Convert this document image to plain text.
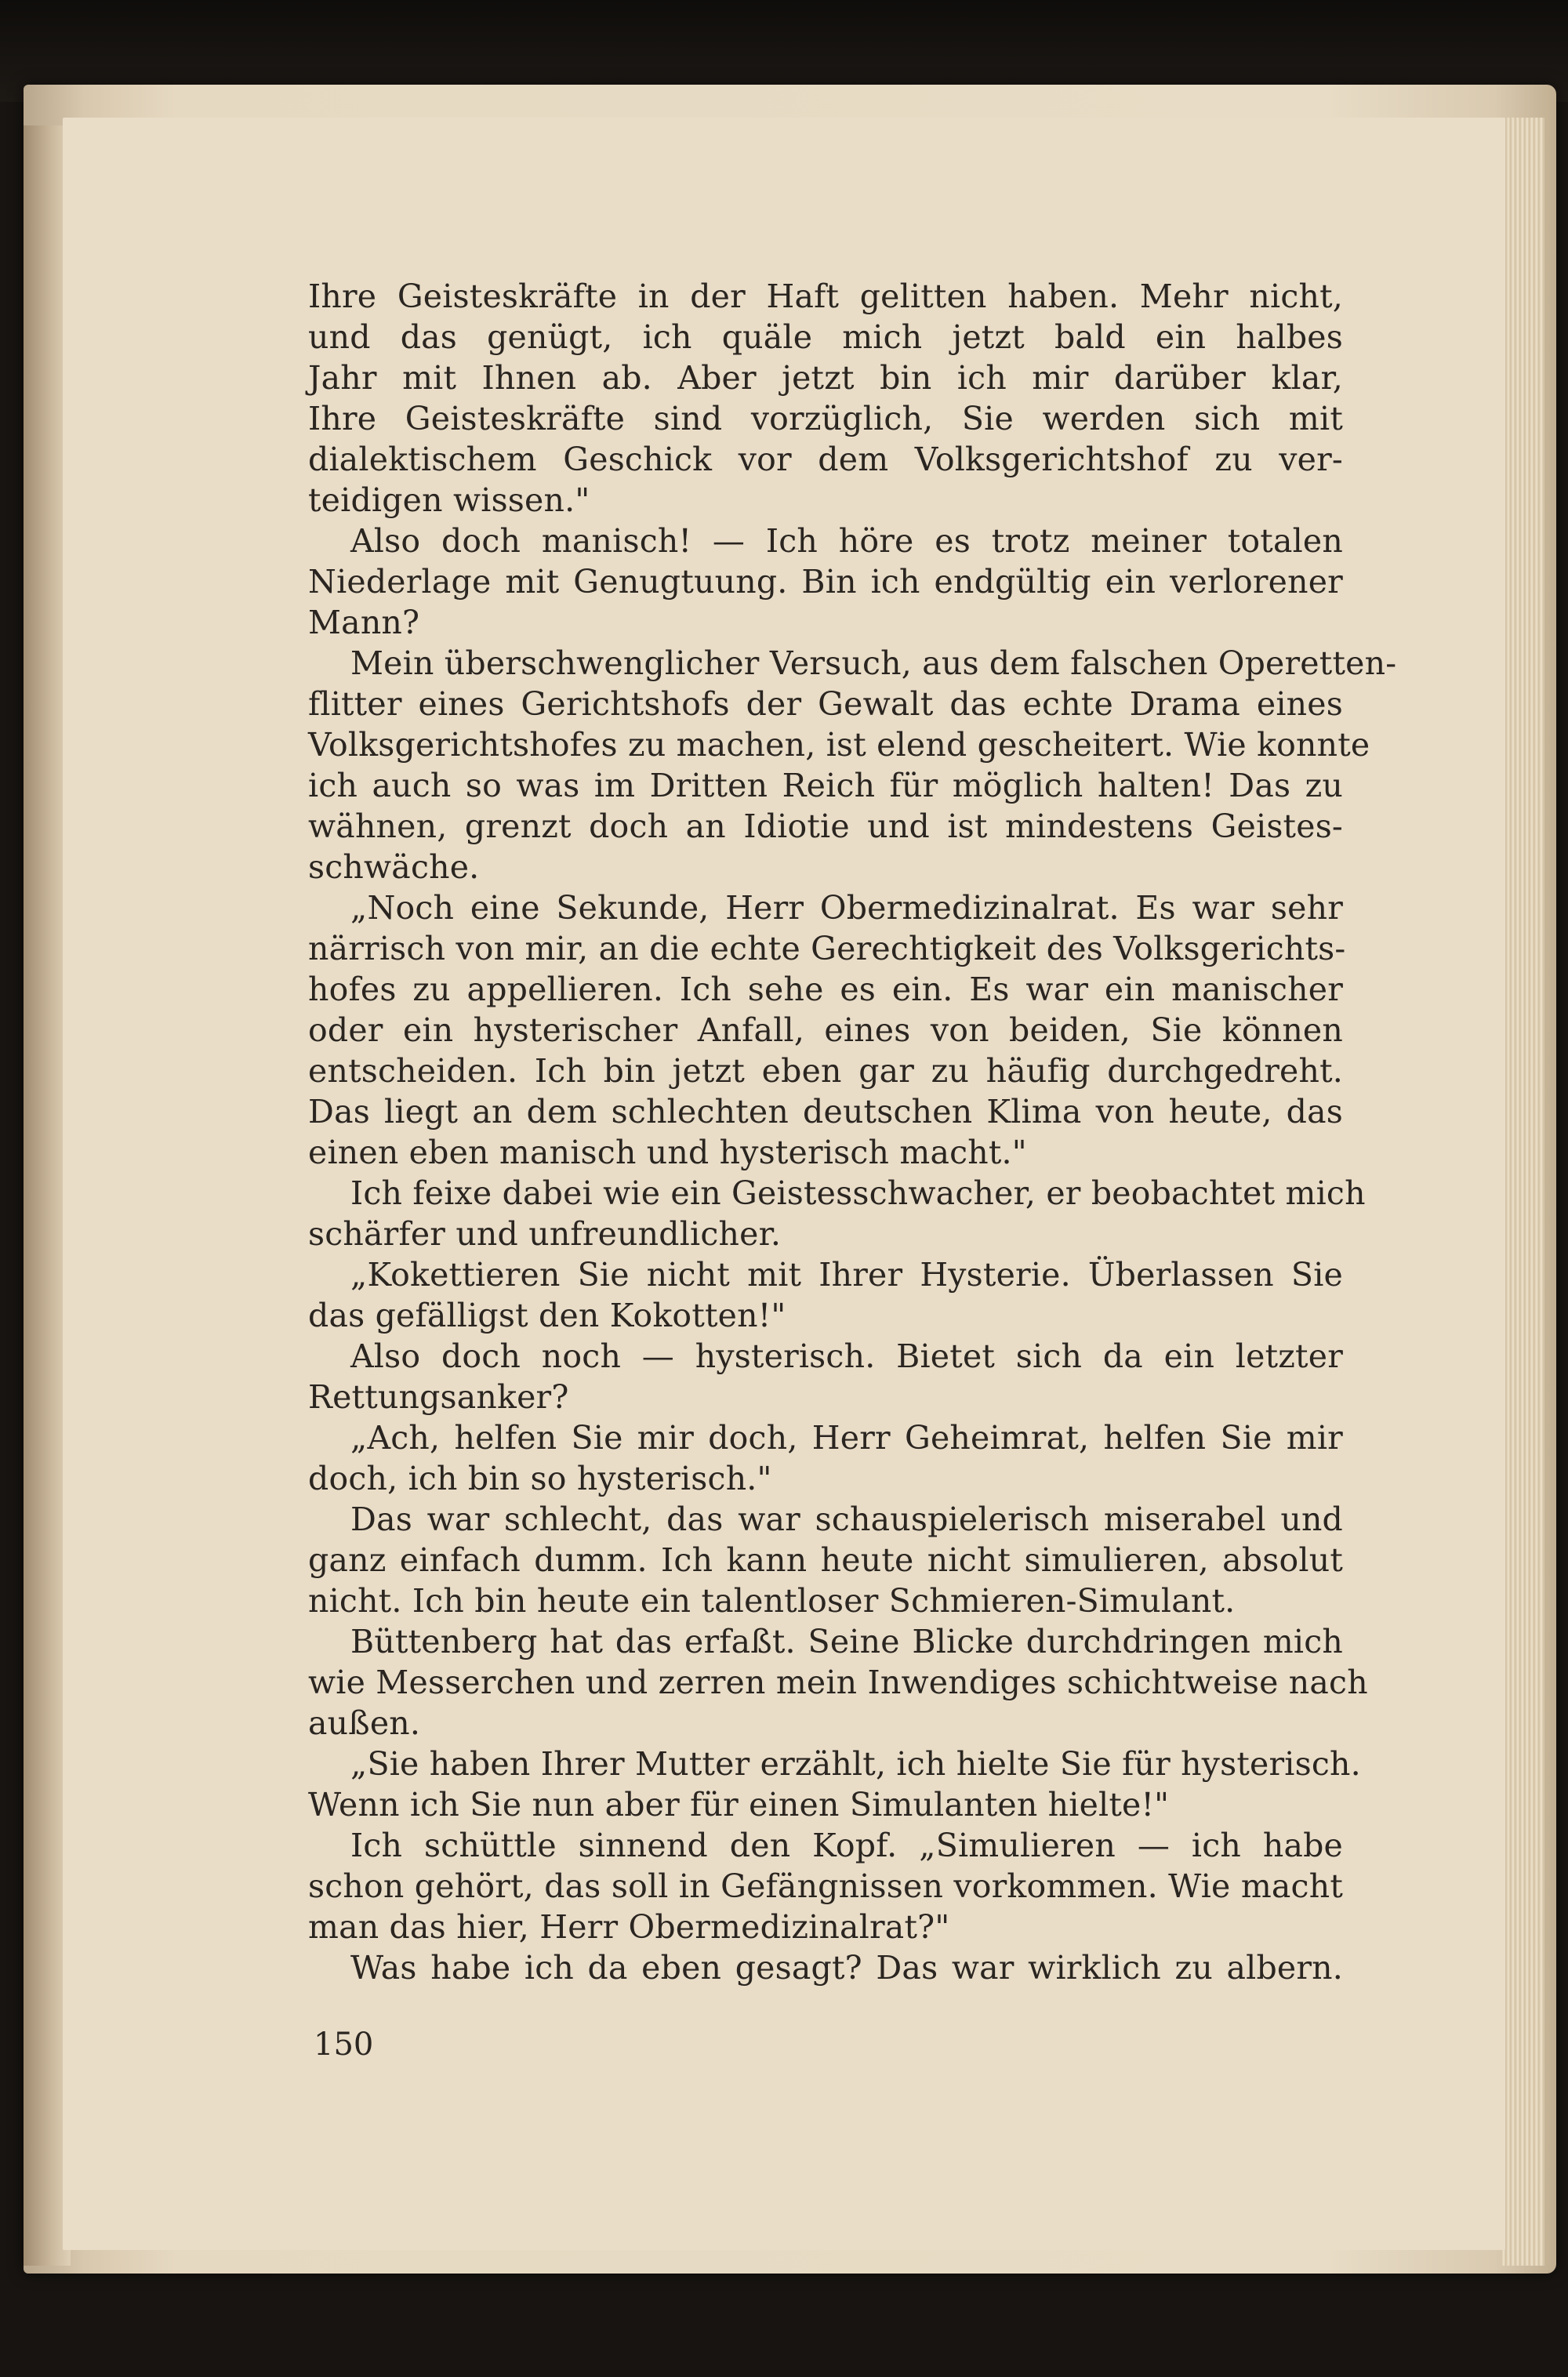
Ihre Geisteskräfte in der Haft gelitten haben. Mehr nicht,
und das genügt, ich quäle mich jetzt bald ein halbes
Jahr mit Ihnen ab. Aber jetzt bin ich mir darüber klar,
Ihre Geisteskräfte sind vorzüglich, Sie werden sich mit
dialektischem Geschick vor dem Volksgerichtshof zu ver-
teidigen wissen."
Also doch manisch! — Ich höre es trotz meiner totalen
Niederlage mit Genugtuung. Bin ich endgültig ein verlorener
Mann?
Mein überschwenglicher Versuch, aus dem falschen Operetten-
flitter eines Gerichtshofs der Gewalt das echte Drama eines
Volksgerichtshofes zu machen, ist elend gescheitert. Wie konnte
ich auch so was im Dritten Reich für möglich halten! Das zu
wähnen, grenzt doch an Idiotie und ist mindestens Geistes-
schwäche.
„Noch eine Sekunde, Herr Obermedizinalrat. Es war sehr
närrisch von mir, an die echte Gerechtigkeit des Volksgerichts-
hofes zu appellieren. Ich sehe es ein. Es war ein manischer
oder ein hysterischer Anfall, eines von beiden, Sie können
entscheiden. Ich bin jetzt eben gar zu häufig durchgedreht.
Das liegt an dem schlechten deutschen Klima von heute, das
einen eben manisch und hysterisch macht."
Ich feixe dabei wie ein Geistesschwacher, er beobachtet mich
schärfer und unfreundlicher.
„Kokettieren Sie nicht mit Ihrer Hysterie. Überlassen Sie
das gefälligst den Kokotten!"
Also doch noch — hysterisch. Bietet sich da ein letzter
Rettungsanker?
„Ach, helfen Sie mir doch, Herr Geheimrat, helfen Sie mir
doch, ich bin so hysterisch."
Das war schlecht, das war schauspielerisch miserabel und
ganz einfach dumm. Ich kann heute nicht simulieren, absolut
nicht. Ich bin heute ein talentloser Schmieren-Simulant.
Büttenberg hat das erfaßt. Seine Blicke durchdringen mich
wie Messerchen und zerren mein Inwendiges schichtweise nach
außen.
„Sie haben Ihrer Mutter erzählt, ich hielte Sie für hysterisch.
Wenn ich Sie nun aber für einen Simulanten hielte!"
Ich schüttle sinnend den Kopf. „Simulieren — ich habe
schon gehört, das soll in Gefängnissen vorkommen. Wie macht
man das hier, Herr Obermedizinalrat?"
Was habe ich da eben gesagt? Das war wirklich zu albern.
150
